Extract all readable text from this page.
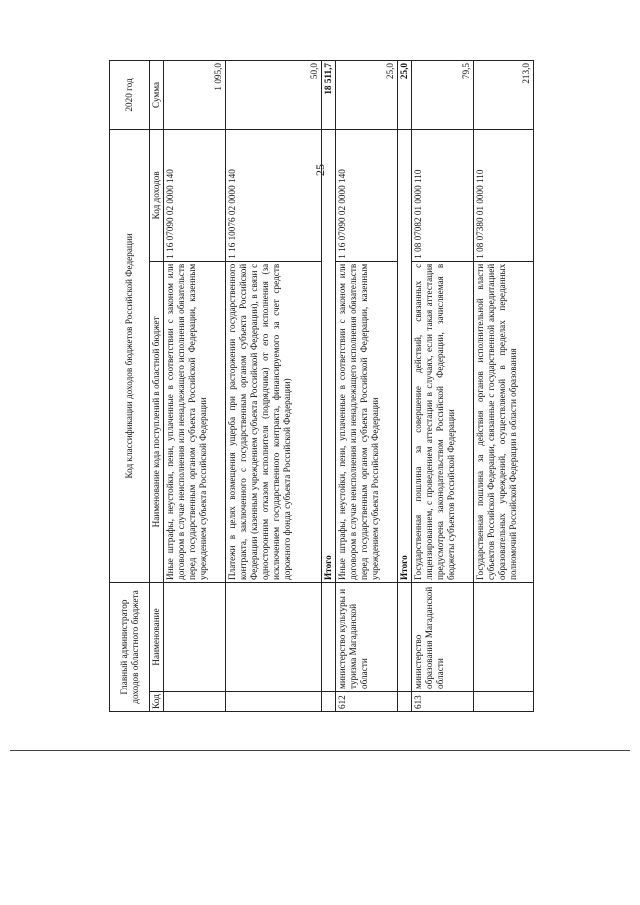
25
Главный администратор доходов областного бюджета		Код классификации доходов бюджетов Российской Федерации		2020 год
Код	Наименование	Наименование кода поступлений в областной бюджет	Код доходов	Сумма
		Иные штрафы, неустойки, пени, уплаченные в соответствии с законом или договором в случае неисполнения или ненадлежащего исполнения обязательств перед государственным органом субъекта Российской Федерации, казенным учреждением субъекта Российской Федерации	1 16 07090 02 0000 140	1 095,0
		Платежи в целях возмещения ущерба при расторжении государственного контракта, заключенного с государственным органом субъекта Российской Федерации (казенным учреждением субъекта Российской Федерации), в связи с односторонним отказом исполнителя (подрядчика) от его исполнения (за исключением государственного контракта, финансируемого за счет средств дорожного фонда субъекта Российской Федерации)	1 16 10076 02 0000 140	50,0
		Итого		18 511,7
612	министерство культуры и туризма Магаданской области	Иные штрафы, неустойки, пени, уплаченные в соответствии с законом или договором в случае неисполнения или ненадлежащего исполнения обязательств перед государственным органом субъекта Российской Федерации, казенным учреждением субъекта Российской Федерации	1 16 07090 02 0000 140	25,0
		Итого		25,0
613	министерство образования Магаданской области	Государственная пошлина за совершение действий, связанных с лицензированием, с проведением аттестации в случаях, если такая аттестация предусмотрена законодательством Российской Федерации, зачисляемая в бюджеты субъектов Российской Федерации	1 08 07082 01 0000 110	79,5
		Государственная пошлина за действия органов исполнительной власти субъектов Российской Федерации, связанные с государственной аккредитацией образовательных учреждений, осуществляемой в пределах переданных полномочий Российской Федерации в области образования	1 08 07380 01 0000 110	213,0
